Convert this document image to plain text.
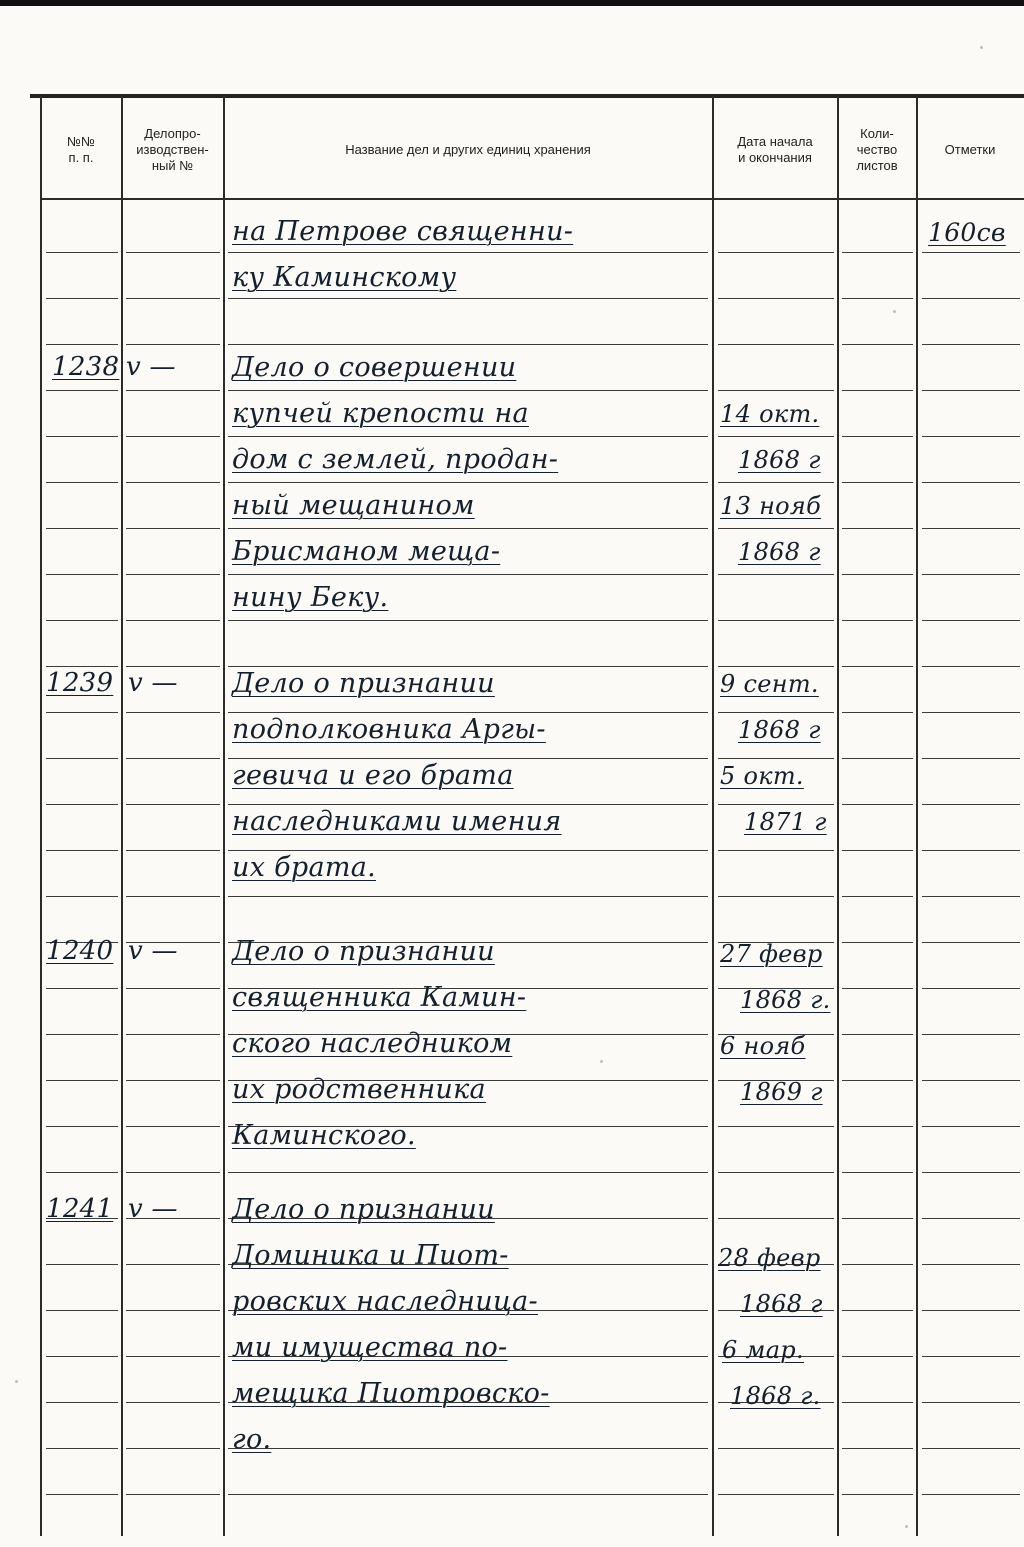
№№
п. п.
Делопро-
изводствен-
ный №
Название дел и других единиц хранения
Дата начала
и окончания
Коли-
чество
листов
Отметки
на Петрове священни-
ку Каминскому
160св
1238 v — Дело о совершении
купчей крепости на
дом с землей, продан-
ный мещанином
Брисманом меща-
нину Беку.
14 окт.
1868 г
13 нояб
1868 г
1239 v — Дело о признании
подполковника Аргы-
гевича и его брата
наследниками имения
их брата.
9 сент.
1868 г
5 окт.
1871 г
1240 v — Дело о признании
священника Камин-
ского наследником
их родственника
Каминского.
27 февр
1868 г.
6 нояб
1869 г
1241 v — Дело о признании
Доминика и Пиот-
ровских наследница-
ми имущества по-
мещика Пиотровско-
го.
28 февр
1868 г
6 мар.
1868 г.
